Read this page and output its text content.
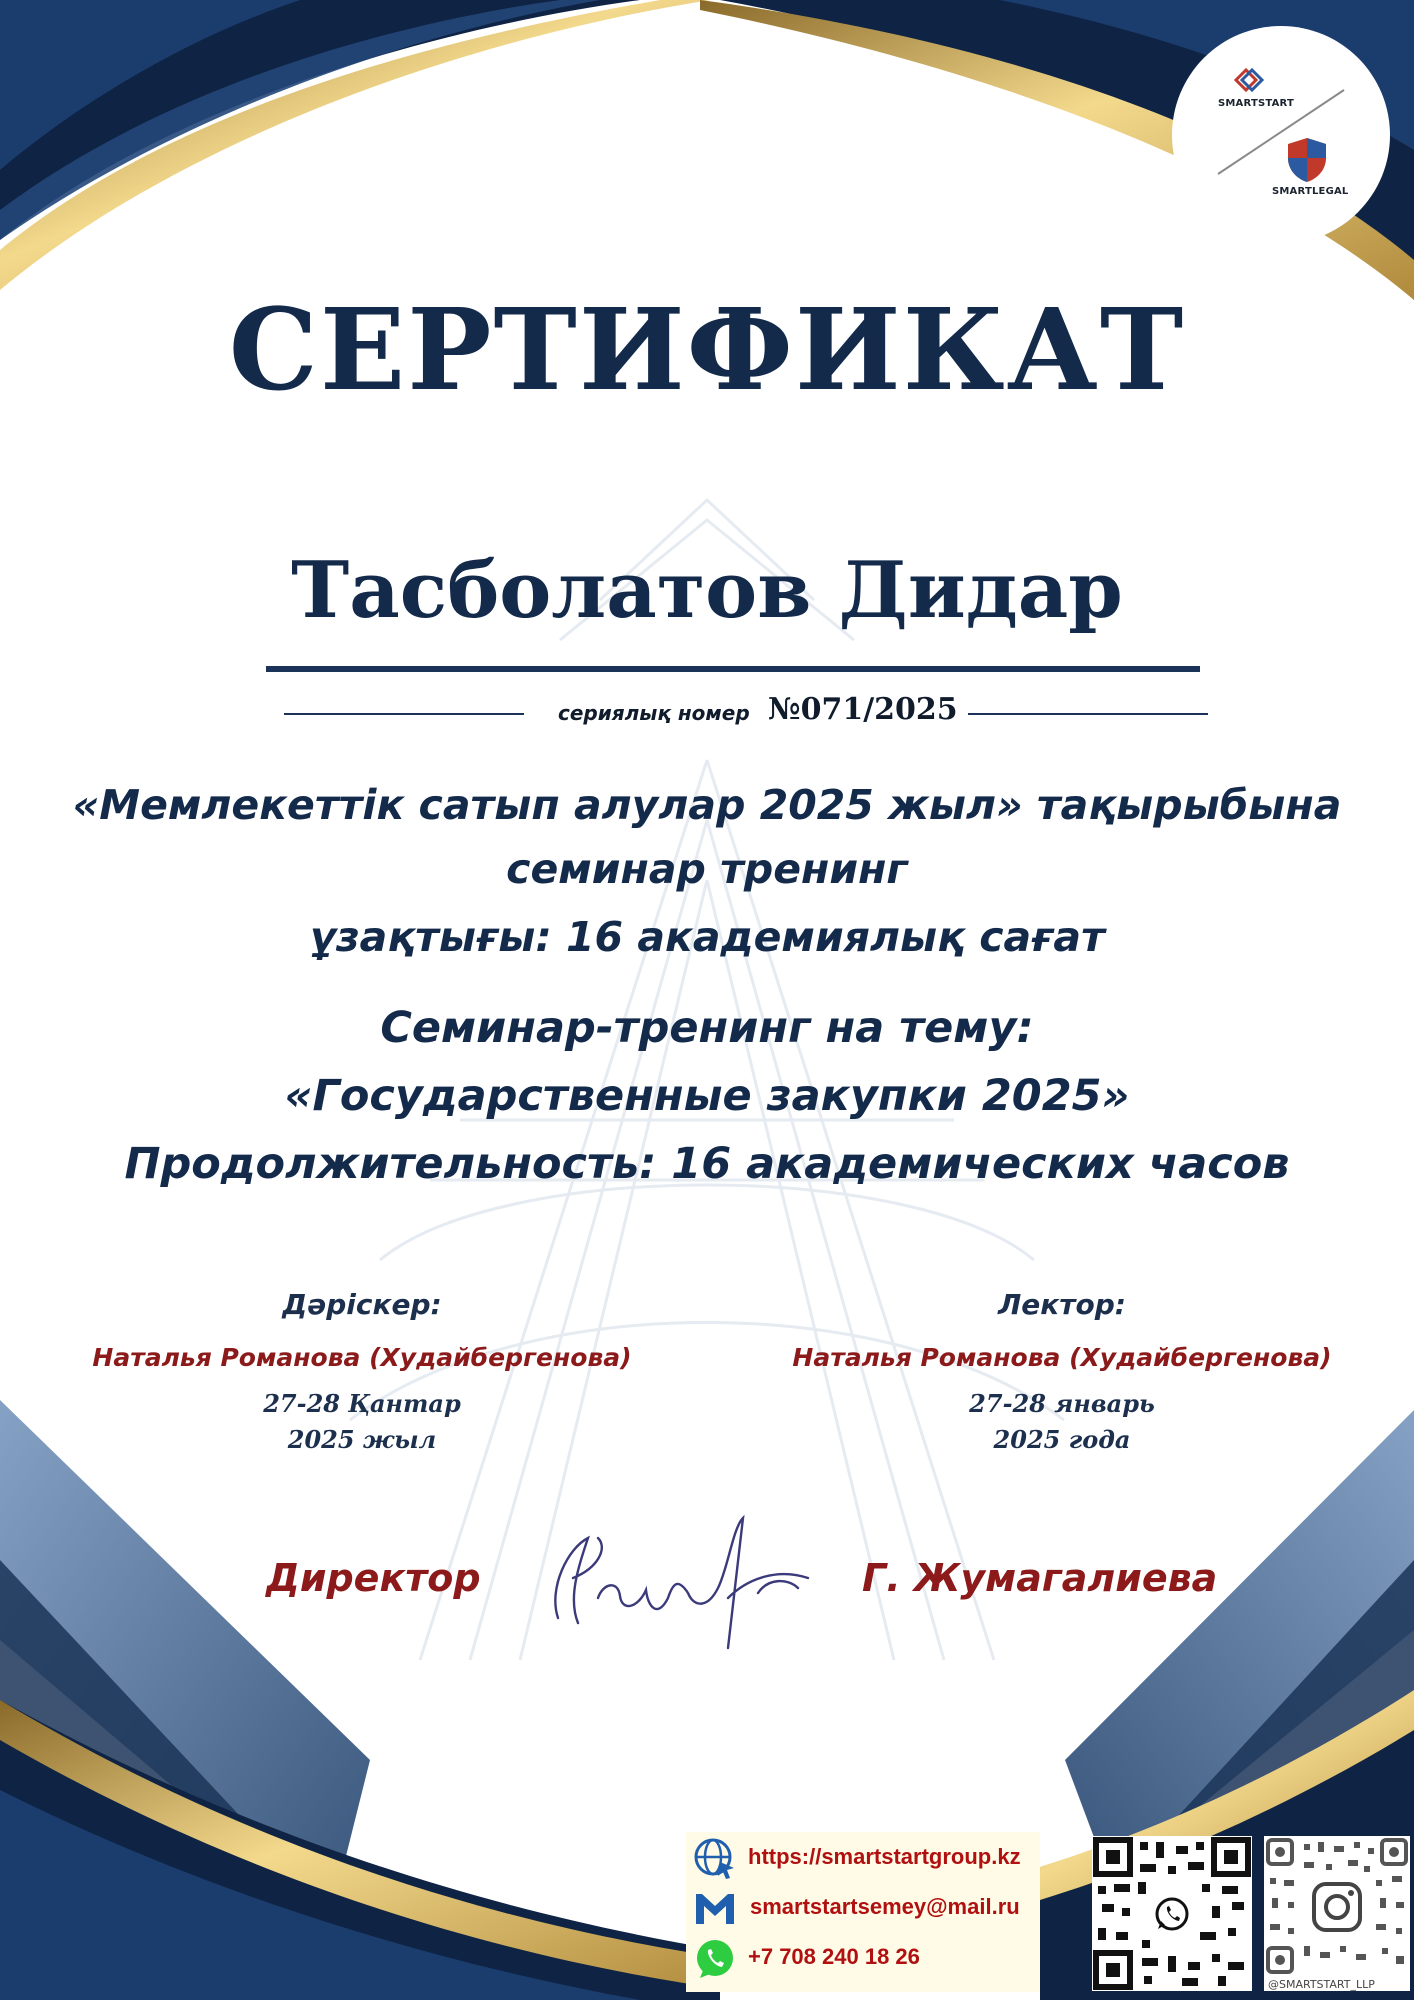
SMARTSTART
SMARTLEGAL
СЕРТИФИКАТ
Тасболатов Дидар
сериялық номер №071/2025
«Мемлекеттік сатып алулар 2025 жыл» тақырыбына
семинар тренинг
ұзақтығы: 16 академиялық сағат
Семинар-тренинг на тему:
«Государственные закупки 2025»
Продолжительность: 16 академических часов
Дәрiскер:
Наталья Романова (Худайбергенова)
27-28 Қантар
2025 жыл
Лектор:
Наталья Романова (Худайбергенова)
27-28 январь
2025 года
Директор	Г. Жумагалиева
https://smartstartgroup.kz
smartstartsemey@mail.ru
+7 708 240 18 26
@SMARTSTART_LLP
